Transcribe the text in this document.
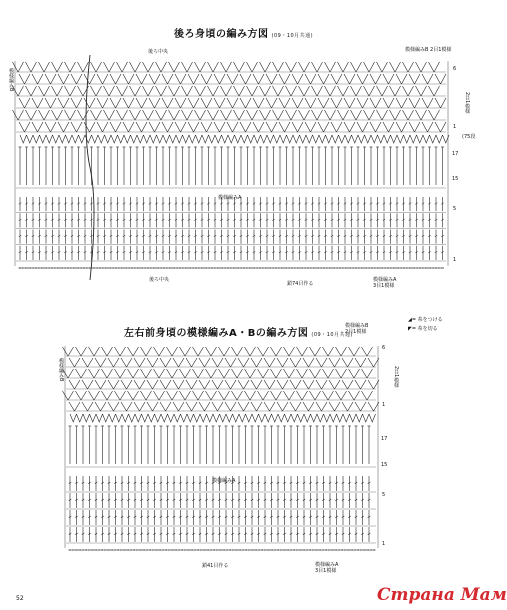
後ろ身頃の編み方図 (09・10月共通)
後ろ中央	模様編みB 2目1模様
模様編みB
2目1模様
(75段
6
1
17
15
5
1
模様編みA
後ろ中央
鎖74目作る
模様編みA
3目1模様
左右前身頃の模様編みA・Bの編み方図 (09・10月共通)
模様編みB
2目1模様
◢= 糸をつける
◤= 糸を切る
模様編みB	2目1模様
6
1
17
15
5
1
模様編みA
鎖41目作る	模様編みA
3目1模様
52	Страна Мам
